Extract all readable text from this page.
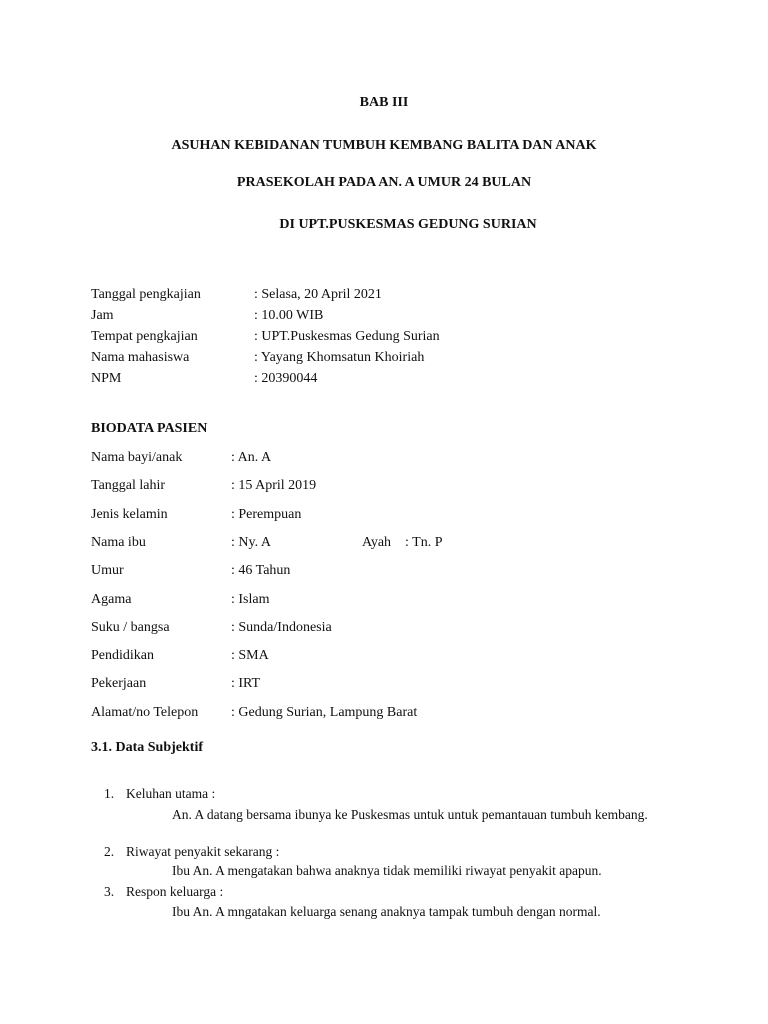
BAB III
ASUHAN KEBIDANAN TUMBUH KEMBANG BALITA DAN ANAK
PRASEKOLAH PADA AN. A UMUR 24 BULAN
DI UPT.PUSKESMAS GEDUNG SURIAN
Tanggal pengkajian	: Selasa, 20 April 2021
Jam	: 10.00 WIB
Tempat pengkajian	: UPT.Puskesmas Gedung Surian
Nama mahasiswa	: Yayang Khomsatun Khoiriah
NPM	: 20390044
BIODATA PASIEN
Nama bayi/anak	: An. A
Tanggal lahir	: 15 April 2019
Jenis kelamin	: Perempuan
Nama ibu	: Ny. A	Ayah : Tn. P
Umur	: 46 Tahun
Agama	: Islam
Suku / bangsa	: Sunda/Indonesia
Pendidikan	: SMA
Pekerjaan	: IRT
Alamat/no Telepon : Gedung Surian, Lampung Barat
3.1. Data Subjektif
1. Keluhan utama :
An. A datang bersama ibunya ke Puskesmas untuk untuk pemantauan tumbuh kembang.
2. Riwayat penyakit sekarang :
Ibu An. A mengatakan bahwa anaknya tidak memiliki riwayat penyakit apapun.
3. Respon keluarga :
Ibu An. A mngatakan keluarga senang anaknya tampak tumbuh dengan normal.
